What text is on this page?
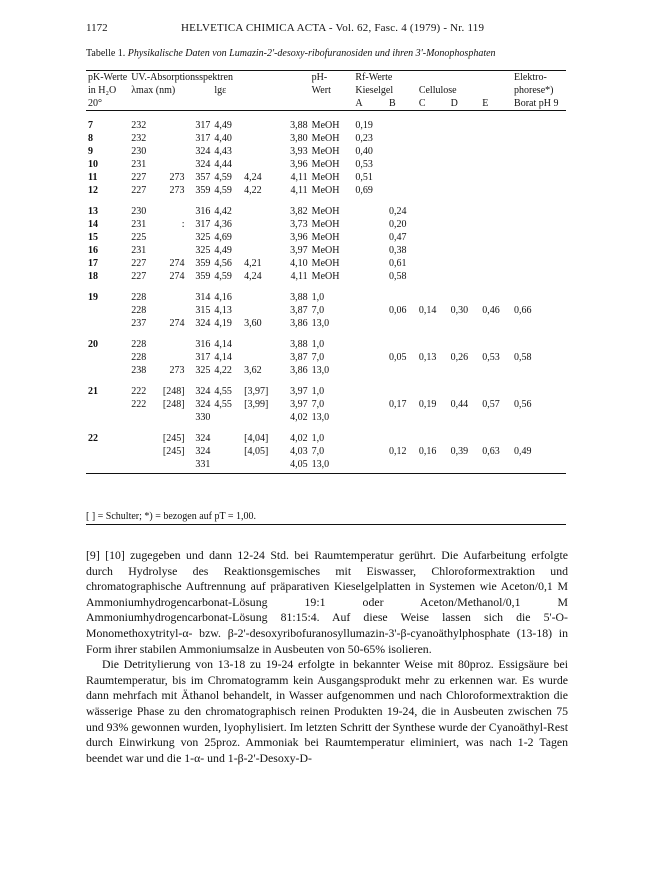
1172	HELVETICA CHIMICA ACTA - Vol. 62, Fasc. 4 (1979) - Nr. 119
Tabelle 1. Physikalische Daten von Lumazin-2'-desoxy-ribofuranosiden und ihren 3'-Monophosphaten
pK-Werte	UV.-Absorptionsspektren						pH-	Rf-Werte					Elektro-
in H₂O	λmax (nm)			lgε			Wert	Kieselgel		Cellulose			phorese*)
20°								A	B	C	D	E	Borat pH 9
7	232		317	4,49		3,88	MeOH	0,19					
8	232		317	4,40		3,80	MeOH	0,23					
9	230		324	4,43		3,93	MeOH	0,40					
10	231		324	4,44		3,96	MeOH	0,53					
11	227	273	357	4,59	4,24	4,11	MeOH	0,51					
12	227	273	359	4,59	4,22	4,11	MeOH	0,69					
13	230		316	4,42		3,82	MeOH		0,24				
14	231	:	317	4,36		3,73	MeOH		0,20				
15	225		325	4,69		3,96	MeOH		0,47				
16	231		325	4,49		3,97	MeOH		0,38				
17	227	274	359	4,56	4,21	4,10	MeOH		0,61				
18	227	274	359	4,59	4,24	4,11	MeOH		0,58				
19	228		314	4,16		3,88	1,0						
	228		315	4,13		3,87	7,0		0,06	0,14	0,30	0,46	0,66
	237	274	324	4,19	3,60	3,86	13,0						
20	228		316	4,14		3,88	1,0						
	228		317	4,14		3,87	7,0		0,05	0,13	0,26	0,53	0,58
	238	273	325	4,22	3,62	3,86	13,0						
21	222	[248]	324	4,55	[3,97]	3,97	1,0						
	222	[248]	324	4,55	[3,99]	3,97	7,0		0,17	0,19	0,44	0,57	0,56
			330			4,02	13,0						
22		[245]	324		[4,04]	4,02	1,0						
		[245]	324		[4,05]	4,03	7,0		0,12	0,16	0,39	0,63	0,49
			331			4,05	13,0						
[ ] = Schulter; *) = bezogen auf pT = 1,00.

[9] [10] zugegeben und dann 12-24 Std. bei Raumtemperatur gerührt. Die Aufarbeitung erfolgte durch Hydrolyse des Reaktionsgemisches mit Eiswasser, Chloroformextraktion und chromatographische Auftrennung auf präparativen Kieselgelplatten in Systemen wie Aceton/0,1 M Ammoniumhydrogencarbonat-Lösung 19:1 oder Aceton/Methanol/0,1 M Ammoniumhydrogencarbonat-Lösung 81:15:4. Auf diese Weise lassen sich die 5'-O-Monomethoxytrityl-α- bzw. β-2'-desoxyribofuranosyllumazin-3'-β-cyanoäthylphosphate (13-18) in Form ihrer stabilen Ammoniumsalze in Ausbeuten von 50-65% isolieren.

Die Detritylierung von 13-18 zu 19-24 erfolgte in bekannter Weise mit 80proz. Essigsäure bei Raumtemperatur, bis im Chromatogramm kein Ausgangsprodukt mehr zu erkennen war. Es wurde dann mehrfach mit Äthanol behandelt, in Wasser aufgenommen und nach Chloroformextraktion die wässerige Phase zu den chromatographisch reinen Produkten 19-24, die in Ausbeuten zwischen 75 und 93% gewonnen wurden, lyophylisiert. Im letzten Schritt der Synthese wurde der Cyanoäthyl-Rest durch Einwirkung von 25proz. Ammoniak bei Raumtemperatur eliminiert, was nach 1-2 Tagen beendet war und die 1-α- und 1-β-2'-Desoxy-D-
